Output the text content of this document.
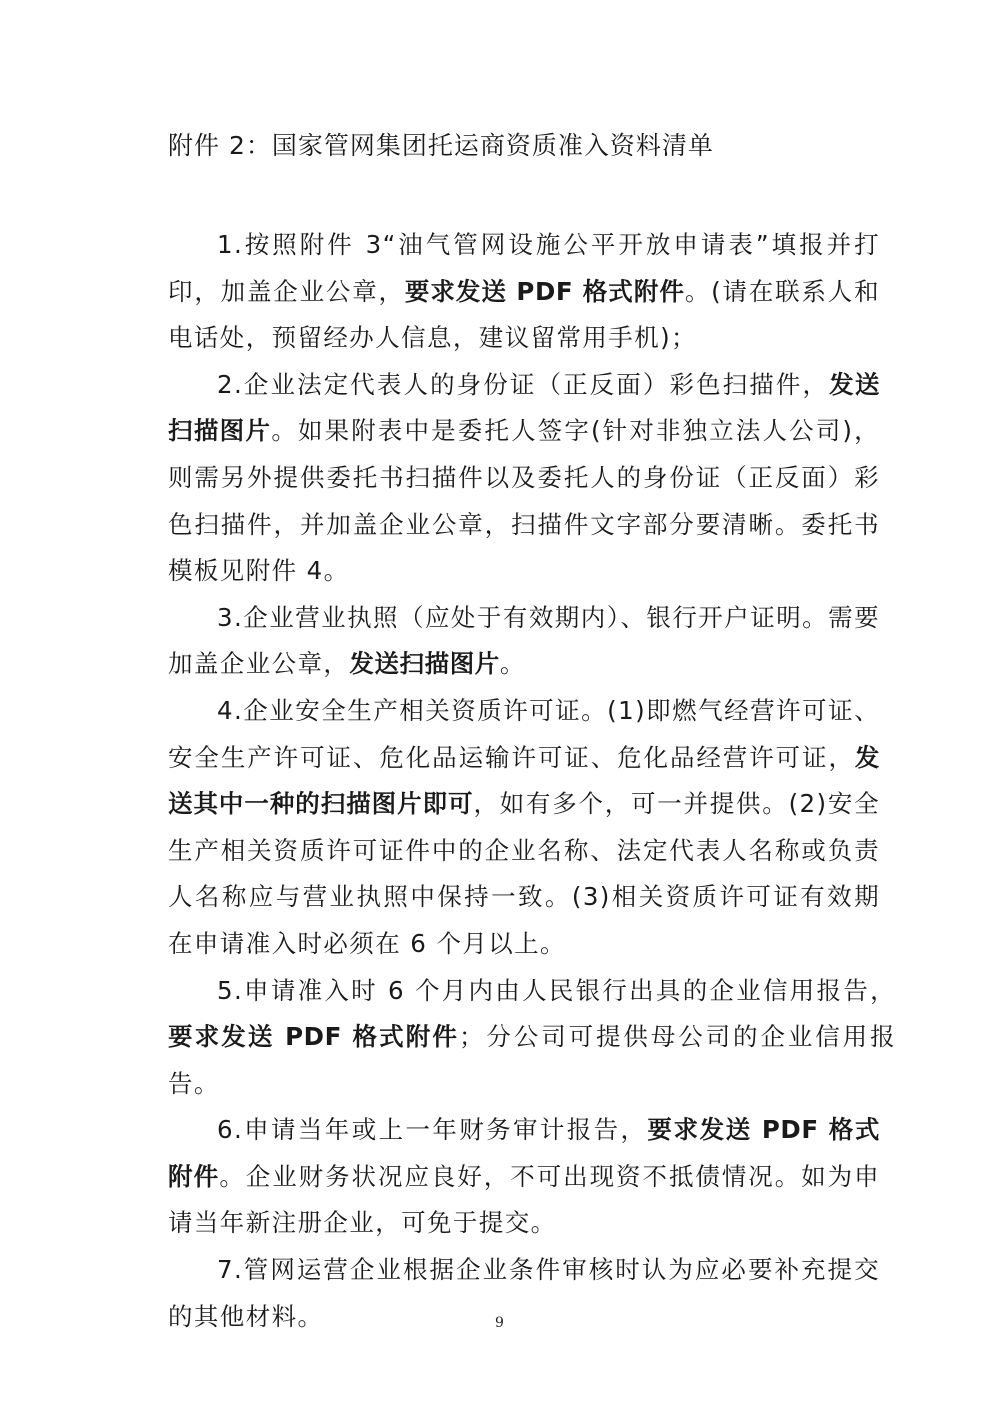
附件 2：国家管网集团托运商资质准入资料清单

1.按照附件 3“油气管网设施公平开放申请表”填报并打印，加盖企业公章，要求发送 PDF 格式附件。(请在联系人和电话处，预留经办人信息，建议留常用手机)；

2.企业法定代表人的身份证（正反面）彩色扫描件，发送扫描图片。如果附表中是委托人签字(针对非独立法人公司)，则需另外提供委托书扫描件以及委托人的身份证（正反面）彩色扫描件，并加盖企业公章，扫描件文字部分要清晰。委托书模板见附件 4。

3.企业营业执照（应处于有效期内）、银行开户证明。需要加盖企业公章，发送扫描图片。

4.企业安全生产相关资质许可证。(1)即燃气经营许可证、安全生产许可证、危化品运输许可证、危化品经营许可证，发送其中一种的扫描图片即可，如有多个，可一并提供。(2)安全生产相关资质许可证件中的企业名称、法定代表人名称或负责人名称应与营业执照中保持一致。(3)相关资质许可证有效期在申请准入时必须在 6 个月以上。

5.申请准入时 6 个月内由人民银行出具的企业信用报告，要求发送 PDF 格式附件；分公司可提供母公司的企业信用报告。

6.申请当年或上一年财务审计报告，要求发送 PDF 格式附件。企业财务状况应良好，不可出现资不抵债情况。如为申请当年新注册企业，可免于提交。

7.管网运营企业根据企业条件审核时认为应必要补充提交的其他材料。	9
